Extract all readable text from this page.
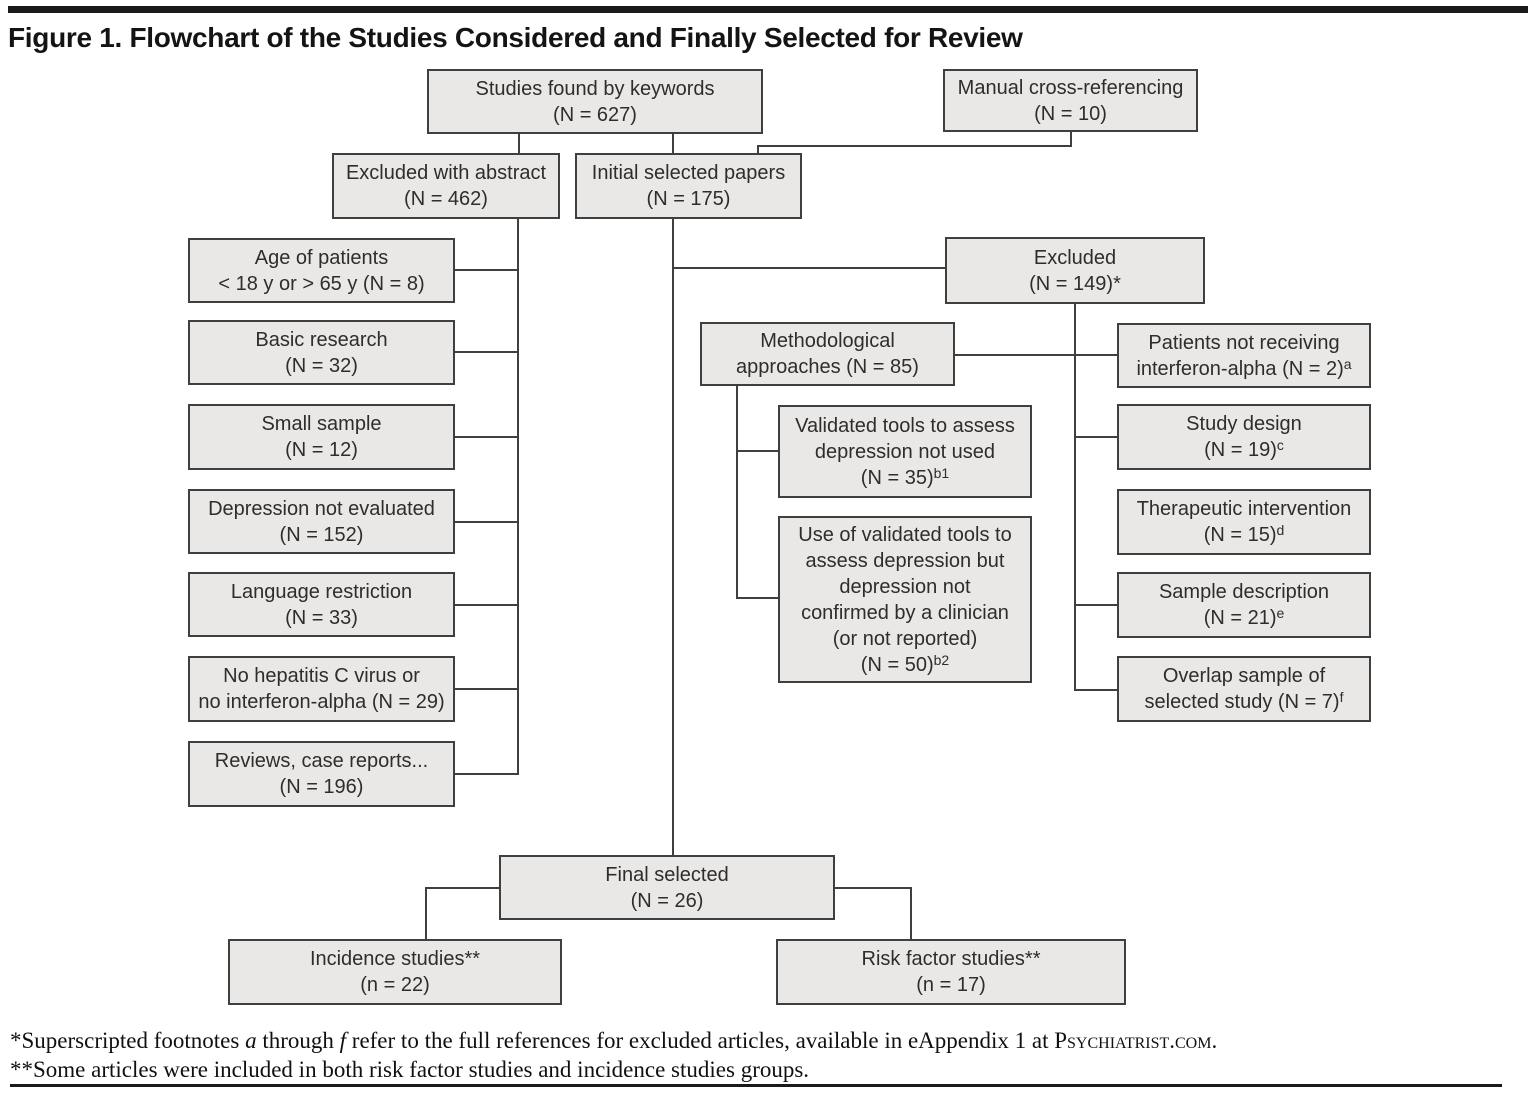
Figure 1. Flowchart of the Studies Considered and Finally Selected for Review
Studies found by keywords
(N = 627)
Manual cross-referencing
(N = 10)
Excluded with abstract
(N = 462)
Initial selected papers
(N = 175)
Age of patients
< 18 y or > 65 y (N = 8)
Basic research
(N = 32)
Small sample
(N = 12)
Depression not evaluated
(N = 152)
Language restriction
(N = 33)
No hepatitis C virus or
no interferon-alpha (N = 29)
Reviews, case reports...
(N = 196)
Excluded
(N = 149)*
Methodological
approaches (N = 85)
Validated tools to assess
depression not used
(N = 35)$^{b1}$
Use of validated tools to
assess depression but
depression not
confirmed by a clinician
(or not reported)
(N = 50)$^{b2}$
Patients not receiving
interferon-alpha (N = 2)$^a$
Study design
(N = 19)$^c$
Therapeutic intervention
(N = 15)$^d$
Sample description
(N = 21)$^e$
Overlap sample of
selected study (N = 7)$^f$
Final selected
(N = 26)
Incidence studies**
(n = 22)
Risk factor studies**
(n = 17)

*Superscripted footnotes a through f refer to the full references for excluded articles, available in eAppendix 1 at Psychiatrist.com.

**Some articles were included in both risk factor studies and incidence studies groups.
